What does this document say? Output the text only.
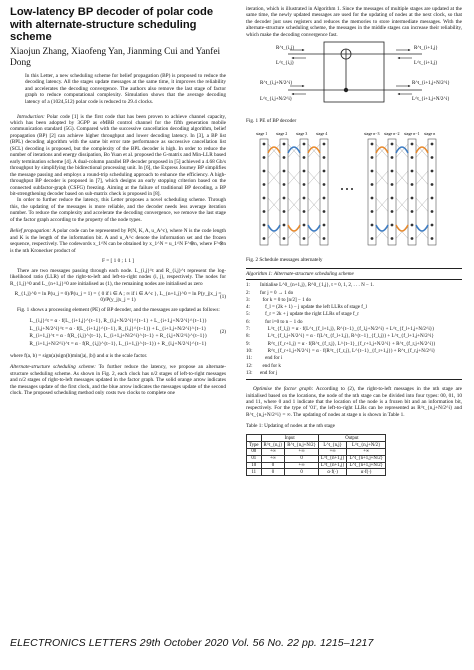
Low-latency BP decoder of polar code with alternate-structure scheduling scheme
Xiaojun Zhang, Xiaofeng Yan, Jianming Cui and Yanfei Dong
In this Letter, a new scheduling scheme for belief propagation (BP) is proposed to reduce the decoding latency. All the stages update messages at the same time, it improves the reliability and accelerates the decoding convergence. The authors also remove the last stage of factor graph to reduce computational complexity. Simulation shows that the average decoding latency of a (1024,512) polar code is reduced to 29.4 clocks.

Introduction: Polar code [1] is the first code that has been proven to achieve channel capacity, which has been adopted by 3GPP as eMBB control channel for the fifth generation mobile communication standard (5G). Compared with the successive cancellation decoding algorithm, belief propagation (BP) [2] can achieve higher throughput and lower decoding latency. In [3], a BP list (BPL) decoding algorithm with the same bit error rate performance as successive cancellation list (SCL) decoding is proposed, but the complexity of the BPL decoder is high. In order to reduce the number of iterations and energy dissipation, Bo Yuan et al. proposed the G-matrix and Min-LLR based early termination scheme [4]. A dual-column parallel BP decoder proposed in [5] achieved a 4.68 Gb/s throughput by simplifying the bidirectional processing unit. In [6], the Express Journey BP simplifies the message passing and employs a round-trip scheduling approach to enhance the efficiency. A high-throughput BP decoder is proposed in [7], which designs an early stopping criterion based on the connected subfactor-graph (CSFG) freezing. Aiming at the failure of traditional BP decoding, a BP bit-strengthening decoder based on sub-matrix check is proposed in [8].

In order to further reduce the latency, this Letter proposes a novel scheduling scheme. Through this, the updating of the messages is more reliable, and the decoder needs less average iteration number. To reduce the complexity and accelerate the decoding convergence, we remove the last stage of the factor graph according to the property of the node types.

Belief propagation: A polar code can be represented by P(N, K, A, u_A^c), where N is the code length and K is the length of the information bit. A and u_A^c denote the information set and the frozen sequence, respectively. The codewords x_1^N can be obtained by x_1^N = u_1^N F^⊗n, where F^⊗n is the nth Kronecker product of

F = [ 1 0 ; 1 1 ]

There are two messages passing through each node. L_{i,j}^t and R_{i,j}^t represent the log-likelihood ratio (LLR) of the right-to-left and left-to-right nodes (i, j), respectively. The nodes for R_{1,j}^0 and L_{n+1,j}^0 are initialised as (1), the remaining nodes are initialised as zero

R_{1,j}^0 = ln P(u_j = 0)/P(u_j = 1) = { 0 if i ∈ A ; ∞ if i ∈ A^c }, L_{n+1,j}^0 = ln P(y_j|x_j = 0)/P(y_j|x_j = 1)	(1)

Fig. 1 shows a processing element (PE) of BP decoder, and the messages are updated as follows:

L_{i,j}^t = α · f(L_{i+1,j}^{t−1}, R_{i,j+N/2^i}^{t−1} + L_{i+1,j+N/2^i}^{t−1})
L_{i,j+N/2^i}^t = α · f(L_{i+1,j}^{t−1}, R_{i,j}^{t−1}) + L_{i+1,j+N/2^i}^{t−1}
R_{i+1,j}^t = α · f(R_{i,j}^{t−1}, L_{i+1,j+N/2^i}^{t−1} + R_{i,j+N/2^i}^{t−1})
R_{i+1,j+N/2^i}^t = α · f(R_{i,j}^{t−1}, L_{i+1,j}^{t−1}) + R_{i,j+N/2^i}^{t−1}
(2)

where f(a, b) = sign(a)sign(b)min(|a|, |b|) and α is the scale factor.

Alternate-structure scheduling scheme: To further reduce the latency, we propose an alternate-structure scheduling scheme. As shown in Fig. 2, each clock has n/2 stages of left-to-right messages and n/2 stages of right-to-left messages updated in the factor graph. The solid orange arrow indicates the messages update of the first clock, and the blue arrow indicates the messages update of the second clock. The proposed scheduling method only costs two clocks to complete one

iteration, which is illustrated in Algorithm 1. Since the messages of multiple stages are updated at the same time, the newly updated messages are used for the updating of nodes at the next clock, so that the decoder just uses registers and reduces the memories to store intermediate messages. With the alternate-structure scheduling scheme, the messages in the middle stages can increase their reliability, which make the decoding convergence fast.

R^t_{i,j}
L^t_{i,j}
R^t_{i+1,j}
L^t_{i+1,j}
R^t_{i,j+N/2^i}
L^t_{i,j+N/2^i}
R^t_{i+1,j+N/2^i}
L^t_{i+1,j+N/2^i}
Fig. 1 PE of BP decoder
stage 1 stage 2 stage 3 stage 4	stage n−3 stage n−2 stage n−1 stage n
Fig. 2 Schedule messages alternately
Algorithm 1: Alternate-structure scheduling scheme
1:	Initialise L^0_{n+1,j}, R^0_{1,j}, t = 0, 1, 2, . . . N − 1.
2:	for j = 0 → 1 do
3:	for k = 0 to [n/2] − 1 do
4:	f_l = (2k + 1) − j update the left LLRs of stage f_l
5:	f_r = 2k + j update the right LLRs of stage f_r
6:	for i=0 to n − 1 do
7:	L^t_{f_l,j} = α · f(L^t_{f_l+1,j}, R^{t−1}_{f_l,j+N/2^i} + L^t_{f_l+1,j+N/2^i})
8:	L^t_{f_l,j+N/2^i} = α · f(L^t_{f_l+1,j}, R^{t−1}_{f_l,j}) + L^t_{f_l+1,j+N/2^i}
9:	R^t_{f_r+1,j} = α · f(R^t_{f_r,j}, L^{t−1}_{f_r+1,j+N/2^i} + R^t_{f_r,j+N/2^i})
10:	R^t_{f_r+1,j+N/2^i} = α · f(R^t_{f_r,j}, L^{t−1}_{f_r+1,j}) + R^t_{f_r,j+N/2^i}
11:	end for i
12:	end for k
13:	end for j

Optimise the factor graph: According to (2), the right-to-left messages in the nth stage are initialised based on the locations, the node of the nth stage can be divided into four types: 00, 01, 10 and 11, where 0 and 1 indicate that the location of the node is a frozen bit and an information bit, respectively. For the type of '01', the left-to-right LLRs can be represented as R^t_{n,j+N/2^i} and R^t_{n,j+N/2^i} = ∞. The updating of nodes at stage n is shown in Table 1.

Table 1: Updating of nodes at the nth stage
	Input		Output	
Type	R^t_{n,j}	R^t_{n,j+N/2}	L^t_{n,j}	L^t_{n,j+N/2}
00	+∞	+∞	+∞	+∞
01	+∞	0	L^t_{n+1,j}	L^t_{n+1,j+N/2}
10	0	+∞	L^t_{n+1,j}	L^t_{n+1,j+N/2}
11	0	0	α·f(·)	α·f(·)
ELECTRONICS LETTERS 29th October 2020 Vol. 56 No. 22 pp. 1215–1217
